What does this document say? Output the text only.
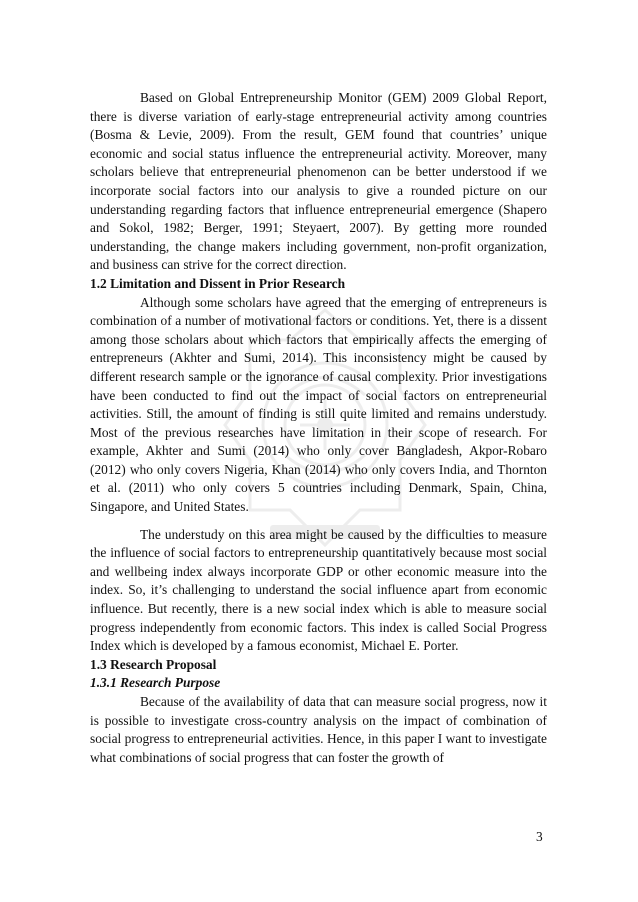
Based on Global Entrepreneurship Monitor (GEM) 2009 Global Report, there is diverse variation of early-stage entrepreneurial activity among countries (Bosma & Levie, 2009). From the result, GEM found that countries’ unique economic and social status influence the entrepreneurial activity. Moreover, many scholars believe that entrepreneurial phenomenon can be better understood if we incorporate social factors into our analysis to give a rounded picture on our understanding regarding factors that influence entrepreneurial emergence (Shapero and Sokol, 1982; Berger, 1991; Steyaert, 2007). By getting more rounded understanding, the change makers including government, non-profit organization, and business can strive for the correct direction.

1.2 Limitation and Dissent in Prior Research

Although some scholars have agreed that the emerging of entrepreneurs is combination of a number of motivational factors or conditions. Yet, there is a dissent among those scholars about which factors that empirically affects the emerging of entrepreneurs (Akhter and Sumi, 2014). This inconsistency might be caused by different research sample or the ignorance of causal complexity. Prior investigations have been conducted to find out the impact of social factors on entrepreneurial activities. Still, the amount of finding is still quite limited and remains understudy. Most of the previous researches have limitation in their scope of research. For example, Akhter and Sumi (2014) who only cover Bangladesh, Akpor-Robaro (2012) who only covers Nigeria, Khan (2014) who only covers India, and Thornton et al. (2011) who only covers 5 countries including Denmark, Spain, China, Singapore, and United States.

The understudy on this area might be caused by the difficulties to measure the influence of social factors to entrepreneurship quantitatively because most social and wellbeing index always incorporate GDP or other economic measure into the index. So, it’s challenging to understand the social influence apart from economic influence. But recently, there is a new social index which is able to measure social progress independently from economic factors. This index is called Social Progress Index which is developed by a famous economist, Michael E. Porter.

1.3 Research Proposal
1.3.1 Research Purpose

Because of the availability of data that can measure social progress, now it is possible to investigate cross-country analysis on the impact of combination of social progress to entrepreneurial activities. Hence, in this paper I want to investigate what combinations of social progress that can foster the growth of

3
